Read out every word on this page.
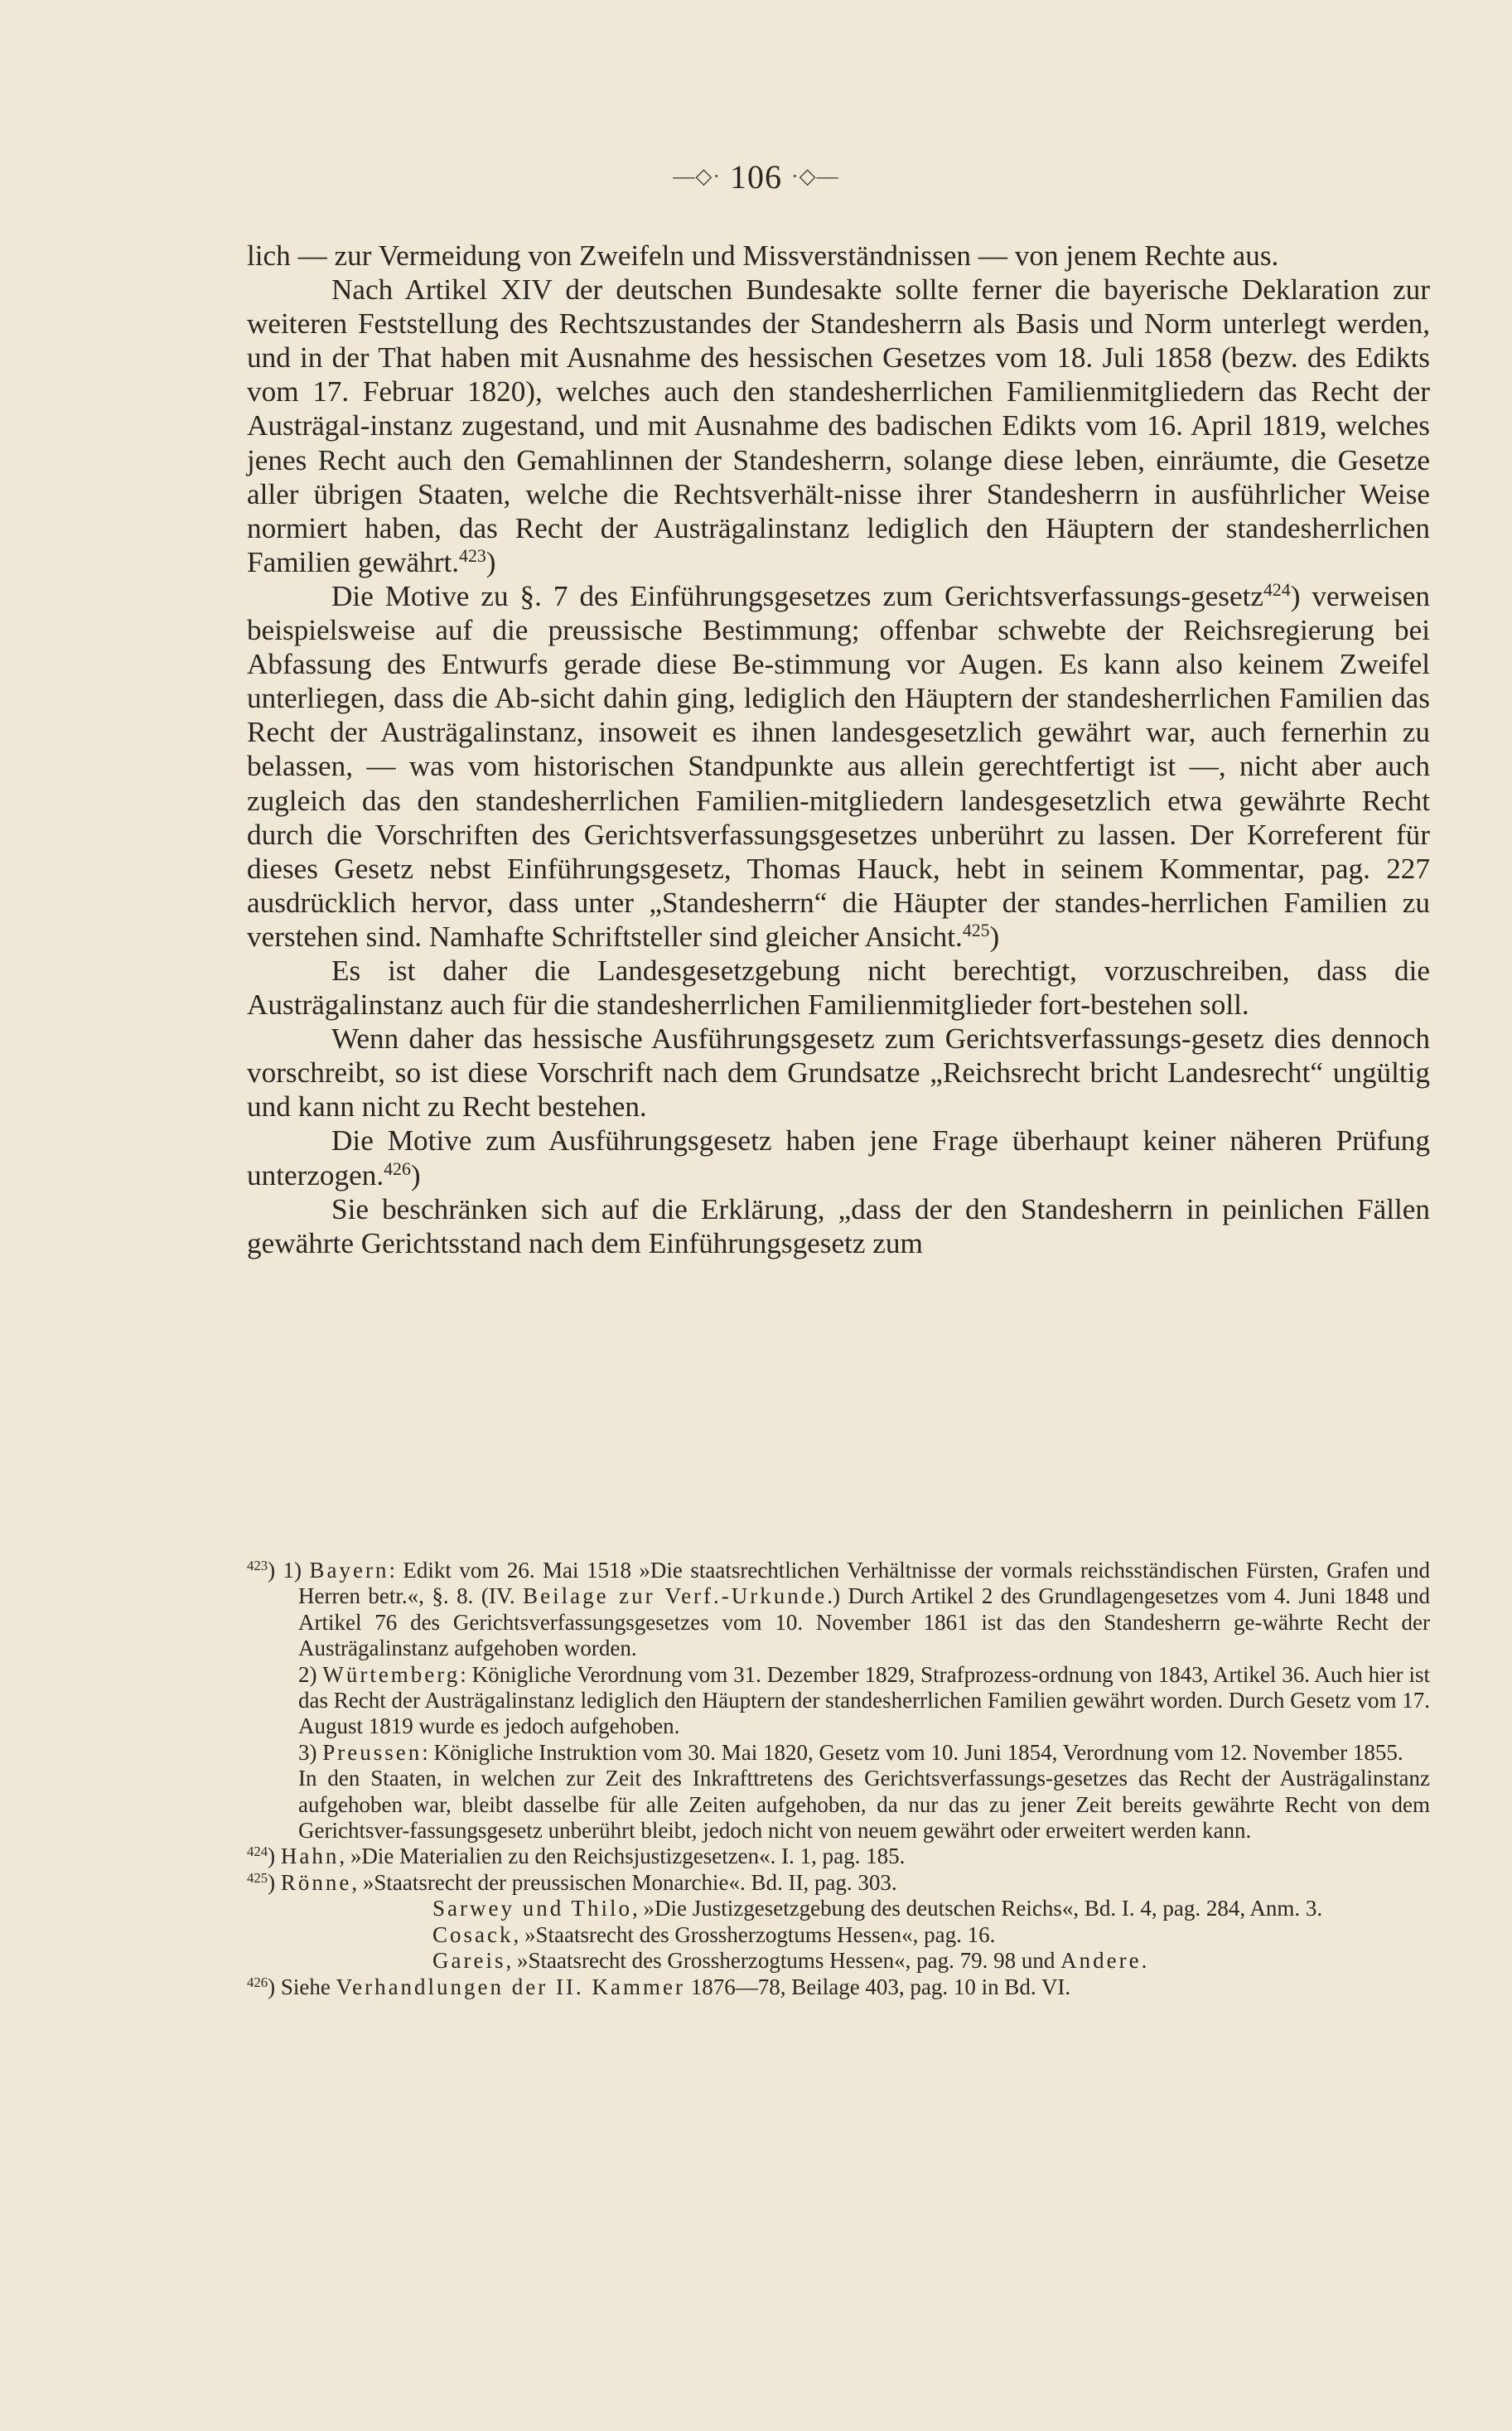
—◇· 106 ·◇—

lich — zur Vermeidung von Zweifeln und Missverständnissen — von jenem Rechte aus.

Nach Artikel XIV der deutschen Bundesakte sollte ferner die bayerische Deklaration zur weiteren Feststellung des Rechtszustandes der Standesherrn als Basis und Norm unterlegt werden, und in der That haben mit Ausnahme des hessischen Gesetzes vom 18. Juli 1858 (bezw. des Edikts vom 17. Februar 1820), welches auch den standesherrlichen Familienmitgliedern das Recht der Austrägal-instanz zugestand, und mit Ausnahme des badischen Edikts vom 16. April 1819, welches jenes Recht auch den Gemahlinnen der Standesherrn, solange diese leben, einräumte, die Gesetze aller übrigen Staaten, welche die Rechtsverhält-nisse ihrer Standesherrn in ausführlicher Weise normiert haben, das Recht der Austrägalinstanz lediglich den Häuptern der standesherrlichen Familien gewährt.$^{423}$)

Die Motive zu §. 7 des Einführungsgesetzes zum Gerichtsverfassungs-gesetz$^{424}$) verweisen beispielsweise auf die preussische Bestimmung; offenbar schwebte der Reichsregierung bei Abfassung des Entwurfs gerade diese Be-stimmung vor Augen. Es kann also keinem Zweifel unterliegen, dass die Ab-sicht dahin ging, lediglich den Häuptern der standesherrlichen Familien das Recht der Austrägalinstanz, insoweit es ihnen landesgesetzlich gewährt war, auch fernerhin zu belassen, — was vom historischen Standpunkte aus allein gerechtfertigt ist —, nicht aber auch zugleich das den standesherrlichen Familien-mitgliedern landesgesetzlich etwa gewährte Recht durch die Vorschriften des Gerichtsverfassungsgesetzes unberührt zu lassen. Der Korreferent für dieses Gesetz nebst Einführungsgesetz, Thomas Hauck, hebt in seinem Kommentar, pag. 227 ausdrücklich hervor, dass unter „Standesherrn“ die Häupter der standes-herrlichen Familien zu verstehen sind. Namhafte Schriftsteller sind gleicher Ansicht.$^{425}$)

Es ist daher die Landesgesetzgebung nicht berechtigt, vorzuschreiben, dass die Austrägalinstanz auch für die standesherrlichen Familienmitglieder fort-bestehen soll.

Wenn daher das hessische Ausführungsgesetz zum Gerichtsverfassungs-gesetz dies dennoch vorschreibt, so ist diese Vorschrift nach dem Grundsatze „Reichsrecht bricht Landesrecht“ ungültig und kann nicht zu Recht bestehen.

Die Motive zum Ausführungsgesetz haben jene Frage überhaupt keiner näheren Prüfung unterzogen.$^{426}$)

Sie beschränken sich auf die Erklärung, „dass der den Standesherrn in peinlichen Fällen gewährte Gerichtsstand nach dem Einführungsgesetz zum

$^{423}$) 1) Bayern: Edikt vom 26. Mai 1518 »Die staatsrechtlichen Verhältnisse der vormals reichsständischen Fürsten, Grafen und Herren betr.«, §. 8. (IV. Beilage zur Verf.-Urkunde.) Durch Artikel 2 des Grundlagengesetzes vom 4. Juni 1848 und Artikel 76 des Gerichtsverfassungsgesetzes vom 10. November 1861 ist das den Standesherrn ge-währte Recht der Austrägalinstanz aufgehoben worden.

2) Würtemberg: Königliche Verordnung vom 31. Dezember 1829, Strafprozess-ordnung von 1843, Artikel 36. Auch hier ist das Recht der Austrägalinstanz lediglich den Häuptern der standesherrlichen Familien gewährt worden. Durch Gesetz vom 17. August 1819 wurde es jedoch aufgehoben.

3) Preussen: Königliche Instruktion vom 30. Mai 1820, Gesetz vom 10. Juni 1854, Verordnung vom 12. November 1855.

In den Staaten, in welchen zur Zeit des Inkrafttretens des Gerichtsverfassungs-gesetzes das Recht der Austrägalinstanz aufgehoben war, bleibt dasselbe für alle Zeiten aufgehoben, da nur das zu jener Zeit bereits gewährte Recht von dem Gerichtsver-fassungsgesetz unberührt bleibt, jedoch nicht von neuem gewährt oder erweitert werden kann.

$^{424}$) Hahn, »Die Materialien zu den Reichsjustizgesetzen«. I. 1, pag. 185.

$^{425}$) Rönne, »Staatsrecht der preussischen Monarchie«. Bd. II, pag. 303.

Sarwey und Thilo, »Die Justizgesetzgebung des deutschen Reichs«, Bd. I. 4, pag. 284, Anm. 3.

Cosack, »Staatsrecht des Grossherzogtums Hessen«, pag. 16.

Gareis, »Staatsrecht des Grossherzogtums Hessen«, pag. 79. 98 und Andere.

$^{426}$) Siehe Verhandlungen der II. Kammer 1876—78, Beilage 403, pag. 10 in Bd. VI.
